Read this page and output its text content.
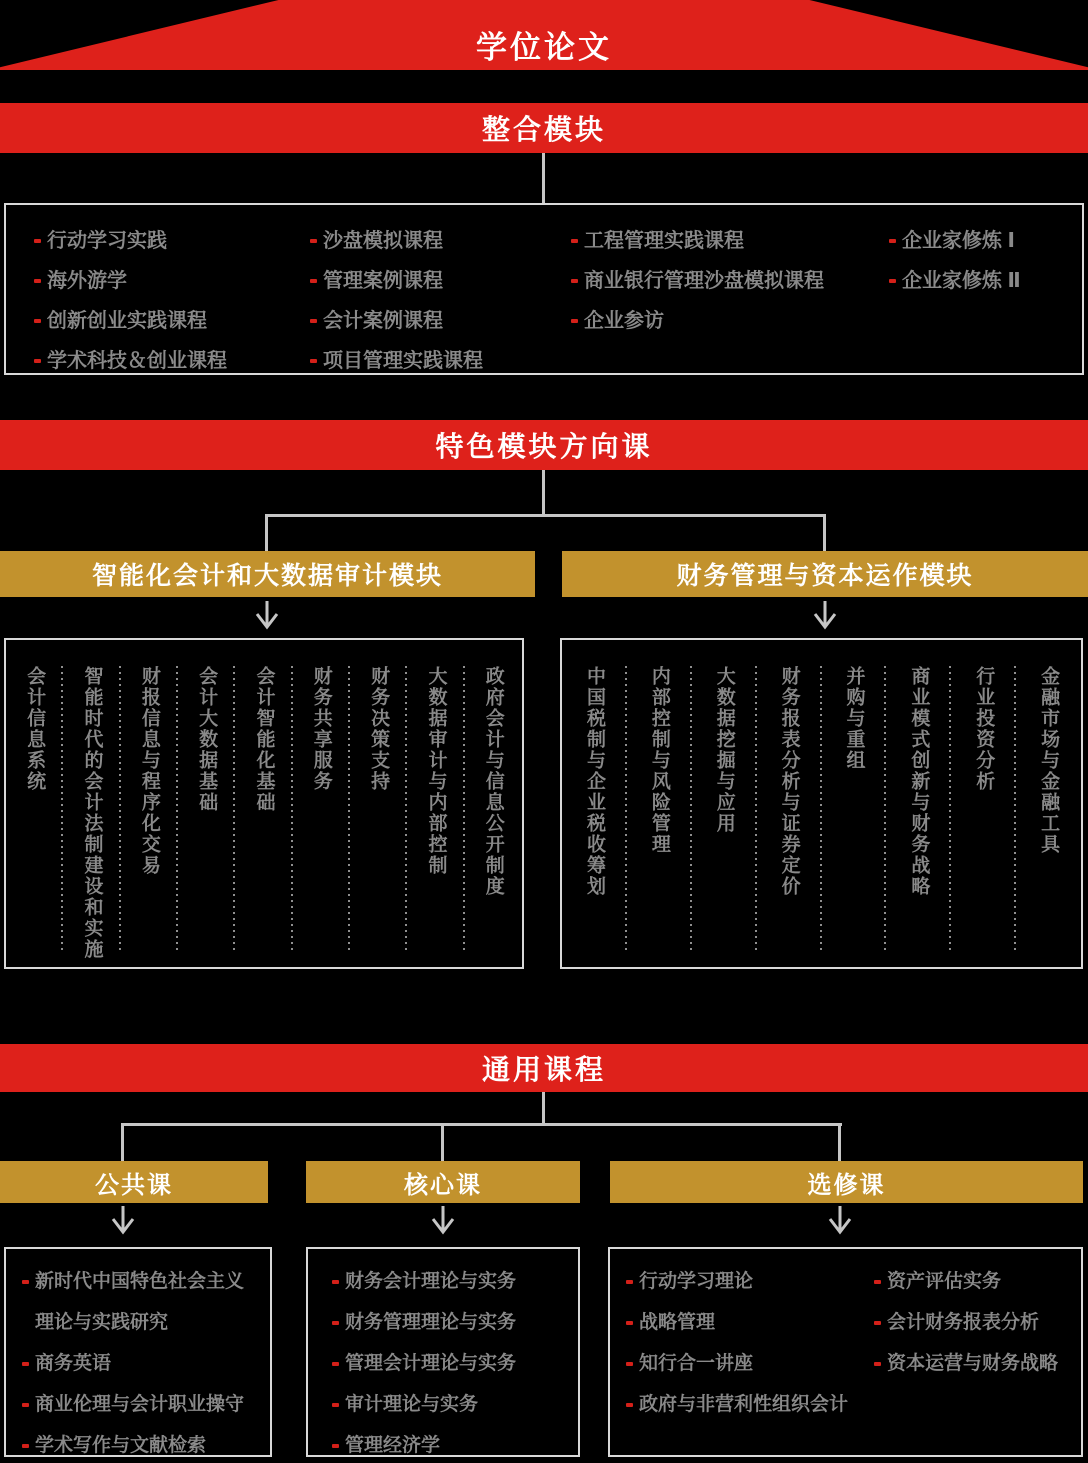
学位论文
整合模块
行动学习实践
海外游学
创新创业实践课程
学术科技＆创业课程
沙盘模拟课程
管理案例课程
会计案例课程
项目管理实践课程
工程管理实践课程
商业银行管理沙盘模拟课程
企业参访
企业家修炼 Ⅰ
企业家修炼 Ⅱ
特色模块方向课
智能化会计和大数据审计模块	财务管理与资本运作模块
会计信息系统 智能时代的会计法制建设和实施 财报信息与程序化交易 会计大数据基础 会计智能化基础 财务共享服务 财务决策支持 大数据审计与内部控制 政府会计与信息公开制度	中国税制与企业税收筹划 内部控制与风险管理 大数据挖掘与应用 财务报表分析与证券定价 并购与重组 商业模式创新与财务战略 行业投资分析 金融市场与金融工具
通用课程
公共课	核心课	选修课
新时代中国特色社会主义理论与实践研究
商务英语
商业伦理与会计职业操守
学术写作与文献检索
财务会计理论与实务
财务管理理论与实务
管理会计理论与实务
审计理论与实务
管理经济学
行动学习理论
战略管理
知行合一讲座
政府与非营利性组织会计
资产评估实务
会计财务报表分析
资本运营与财务战略
